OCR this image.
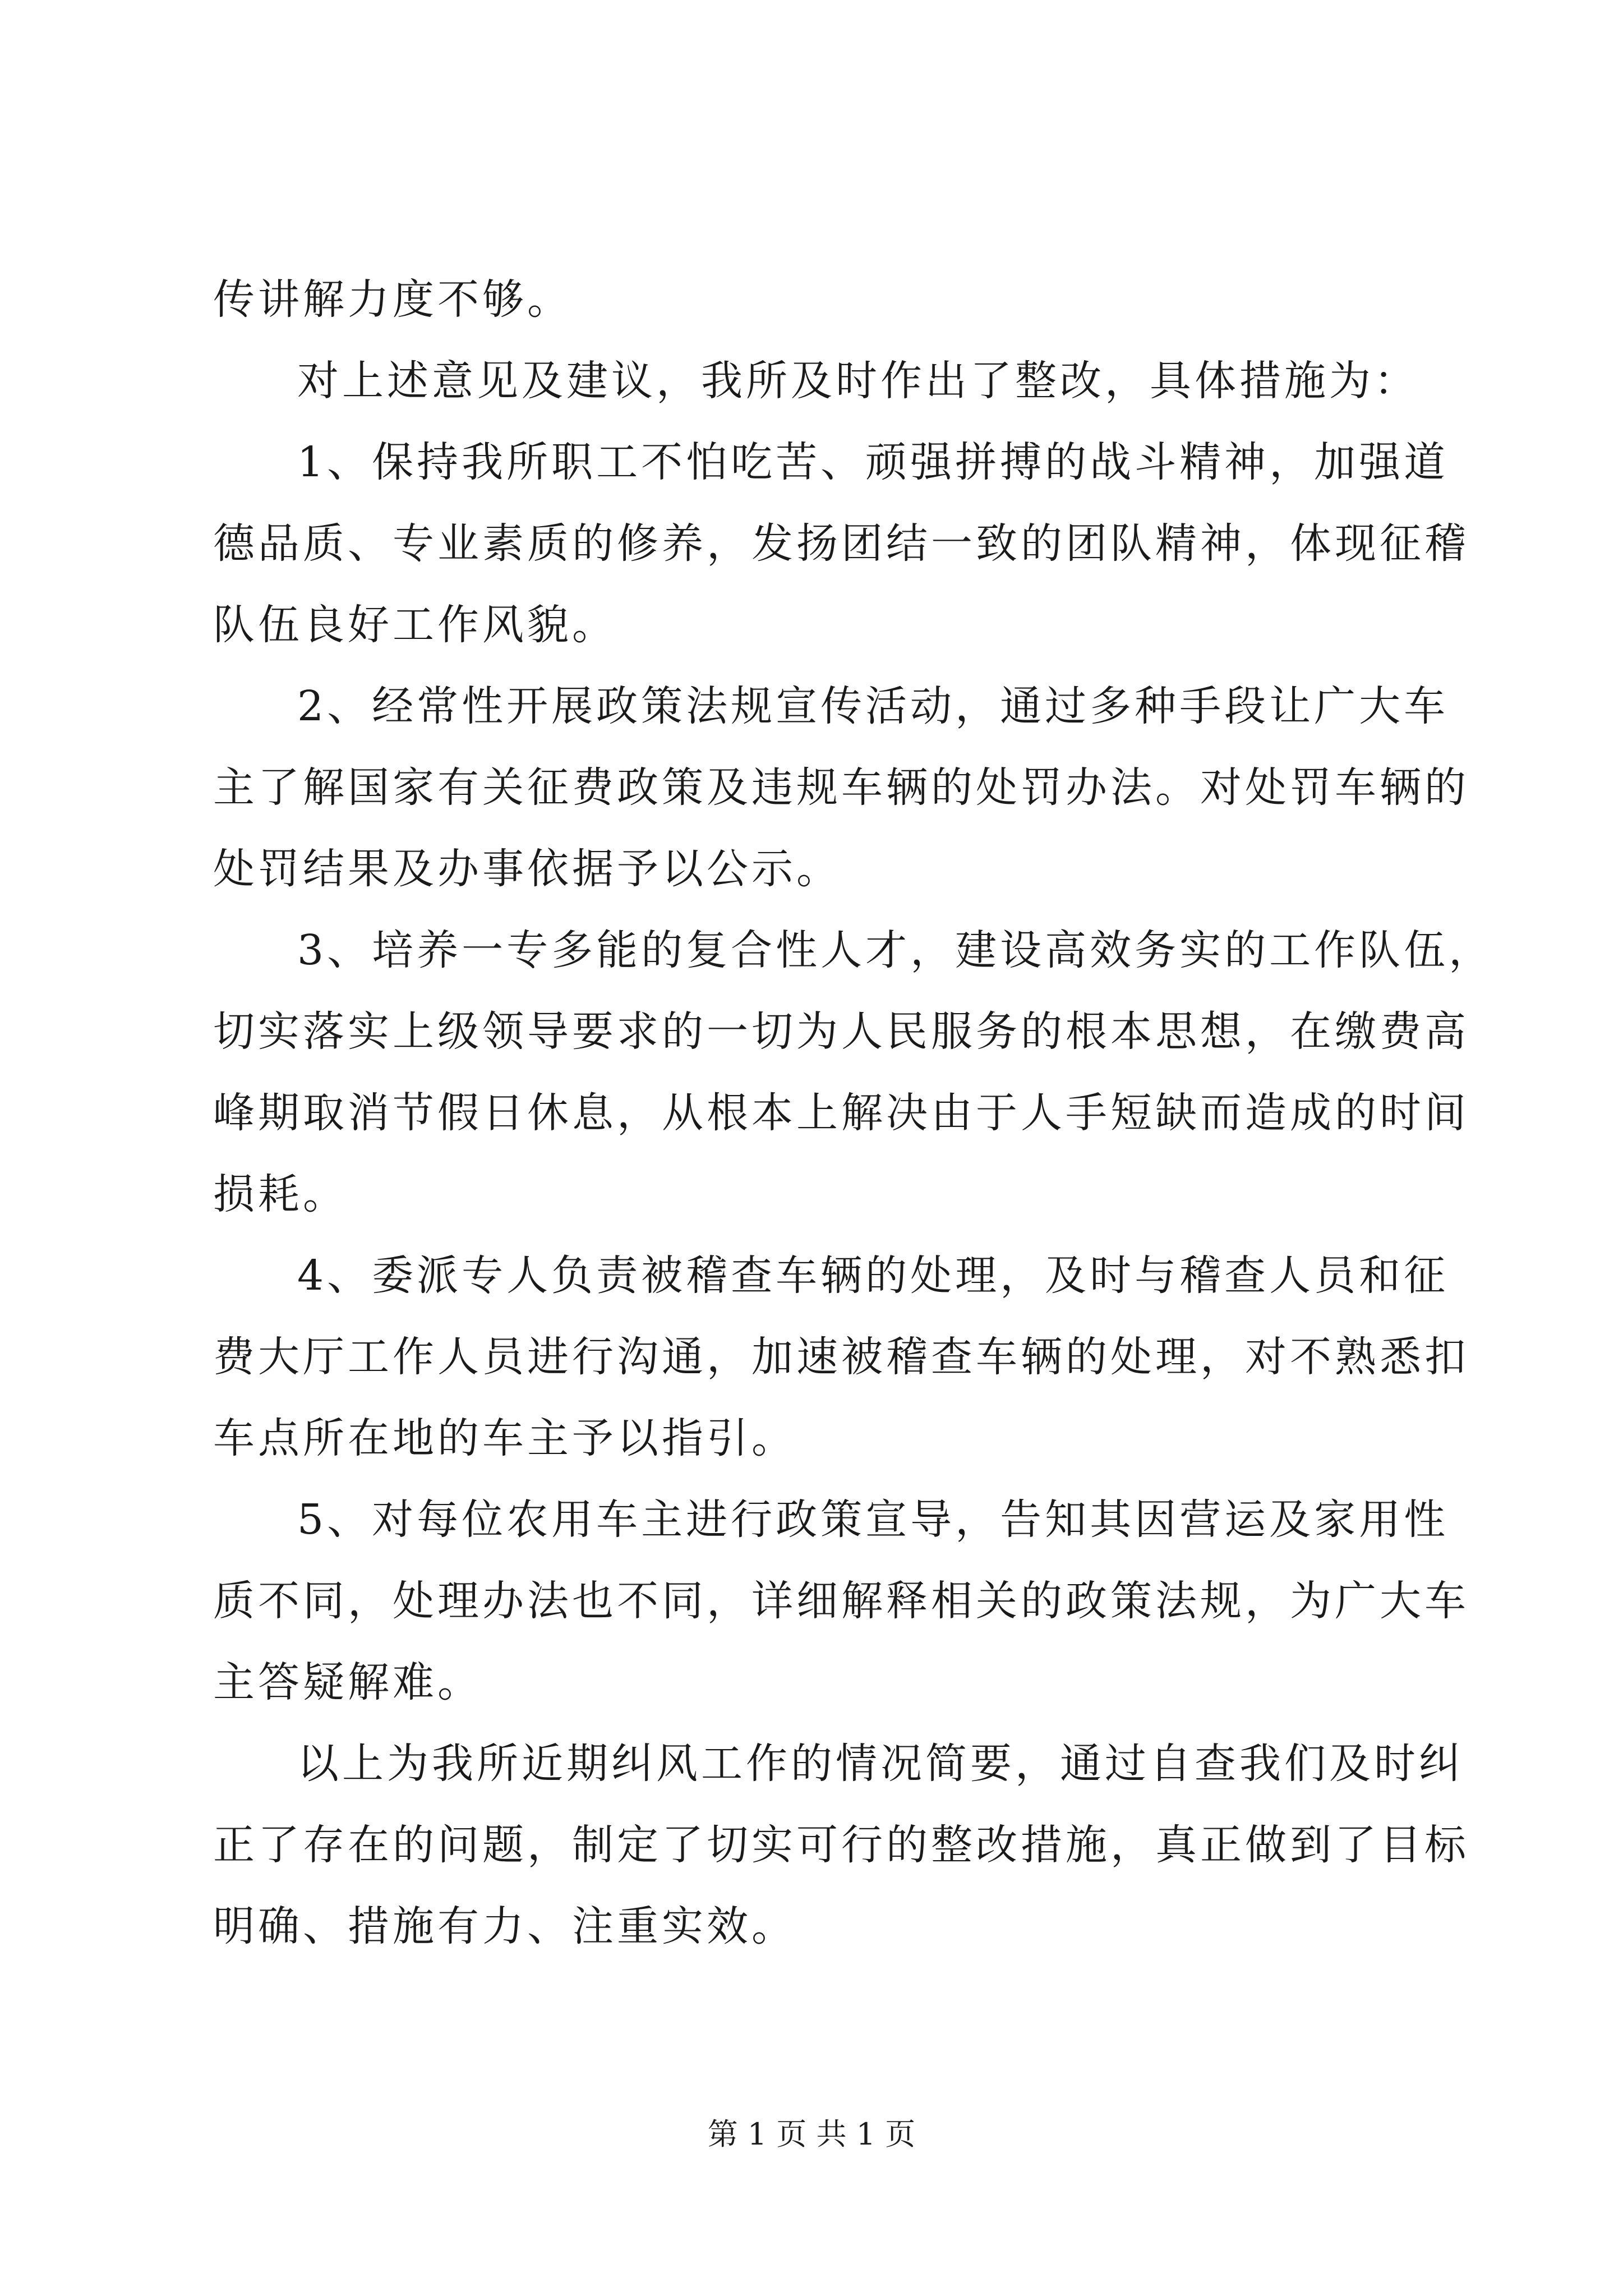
传讲解力度不够。
对上述意见及建议，我所及时作出了整改，具体措施为：
1、保持我所职工不怕吃苦、顽强拼搏的战斗精神，加强道
德品质、专业素质的修养，发扬团结一致的团队精神，体现征稽
队伍良好工作风貌。
2、经常性开展政策法规宣传活动，通过多种手段让广大车
主了解国家有关征费政策及违规车辆的处罚办法。对处罚车辆的
处罚结果及办事依据予以公示。
3、培养一专多能的复合性人才，建设高效务实的工作队伍，
切实落实上级领导要求的一切为人民服务的根本思想，在缴费高
峰期取消节假日休息，从根本上解决由于人手短缺而造成的时间
损耗。
4、委派专人负责被稽查车辆的处理，及时与稽查人员和征
费大厅工作人员进行沟通，加速被稽查车辆的处理，对不熟悉扣
车点所在地的车主予以指引。
5、对每位农用车主进行政策宣导，告知其因营运及家用性
质不同，处理办法也不同，详细解释相关的政策法规，为广大车
主答疑解难。
以上为我所近期纠风工作的情况简要，通过自查我们及时纠
正了存在的问题，制定了切实可行的整改措施，真正做到了目标
明确、措施有力、注重实效。
第 1 页 共 1 页
